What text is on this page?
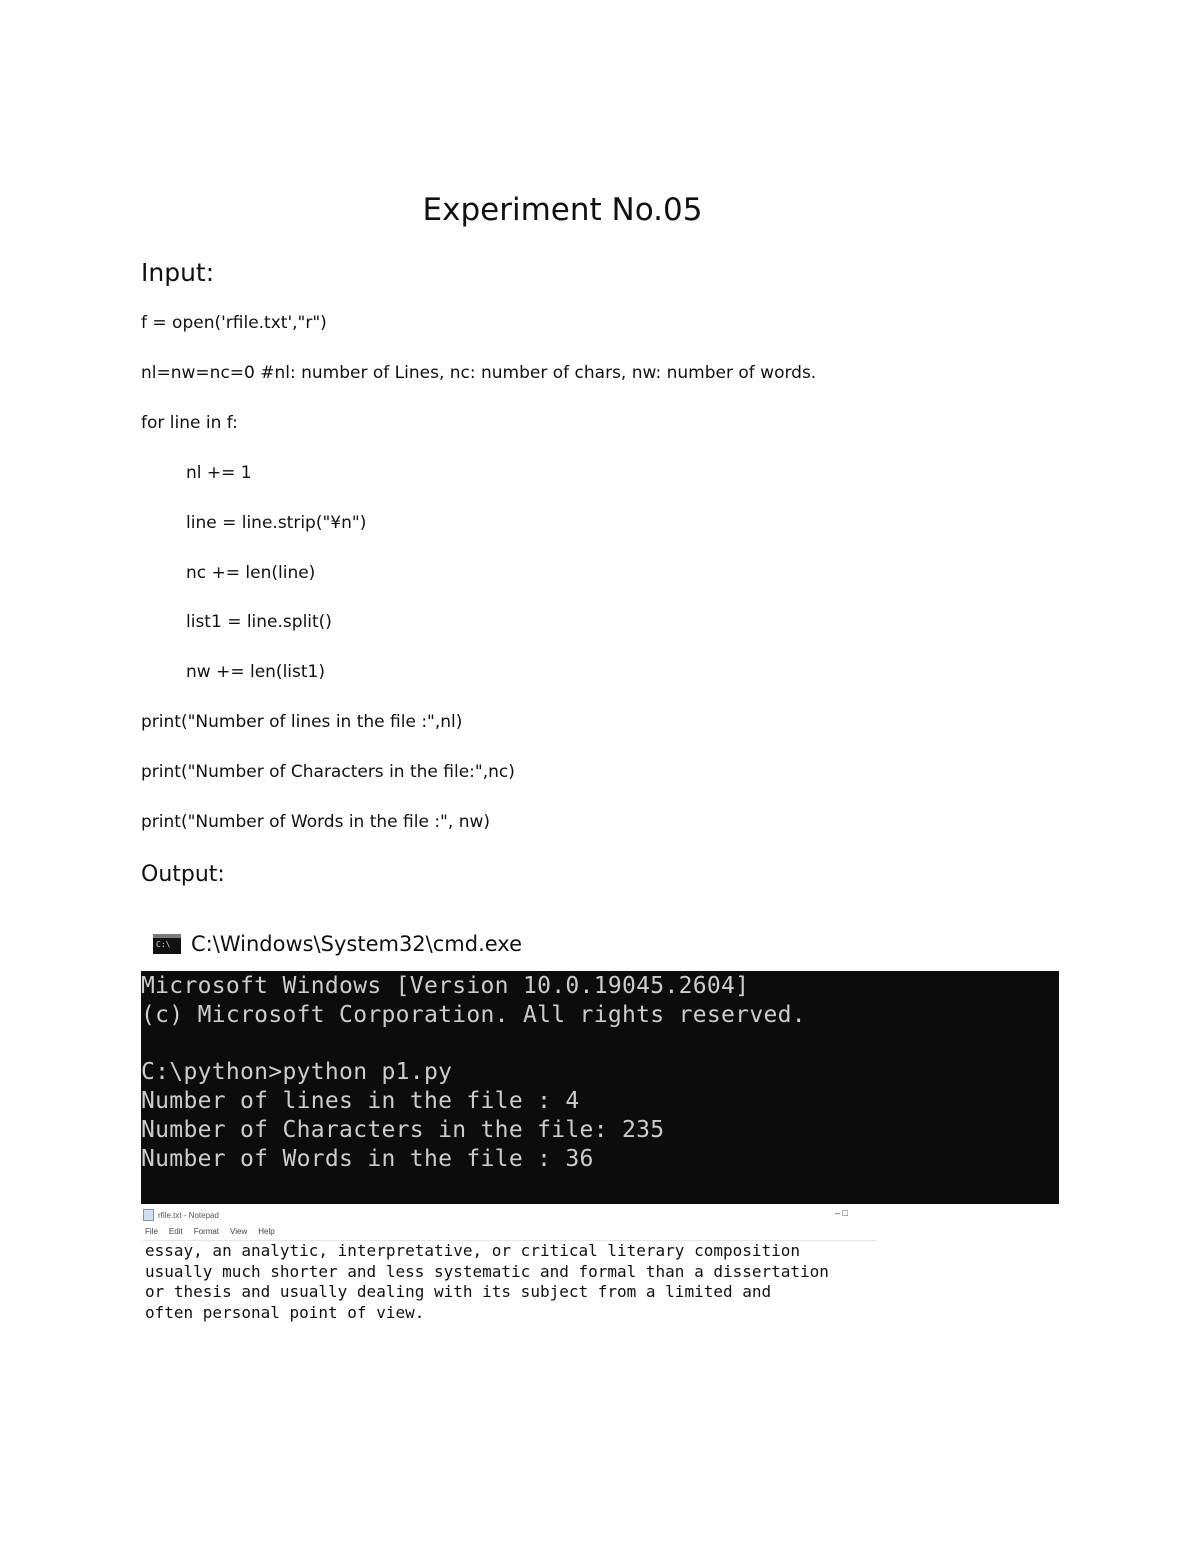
Experiment No.05
Input:
f = open('rfile.txt',"r")
nl=nw=nc=0 #nl: number of Lines, nc: number of chars, nw: number of words.
for line in f:
nl += 1
line = line.strip("¥n")
nc += len(line)
list1 = line.split()
nw += len(list1)
print("Number of lines in the file :",nl)
print("Number of Characters in the file:",nc)
print("Number of Words in the file :", nw)
Output:
C:\
C:\Windows\System32\cmd.exe
Microsoft Windows [Version 10.0.19045.2604]
(c) Microsoft Corporation. All rights reserved.
C:\python>python p1.py
Number of lines in the file : 4
Number of Characters in the file: 235
Number of Words in the file : 36
rfile.txt - Notepad	– □
File Edit Format View Help
essay, an analytic, interpretative, or critical literary composition
usually much shorter and less systematic and formal than a dissertation
or thesis and usually dealing with its subject from a limited and
often personal point of view.
